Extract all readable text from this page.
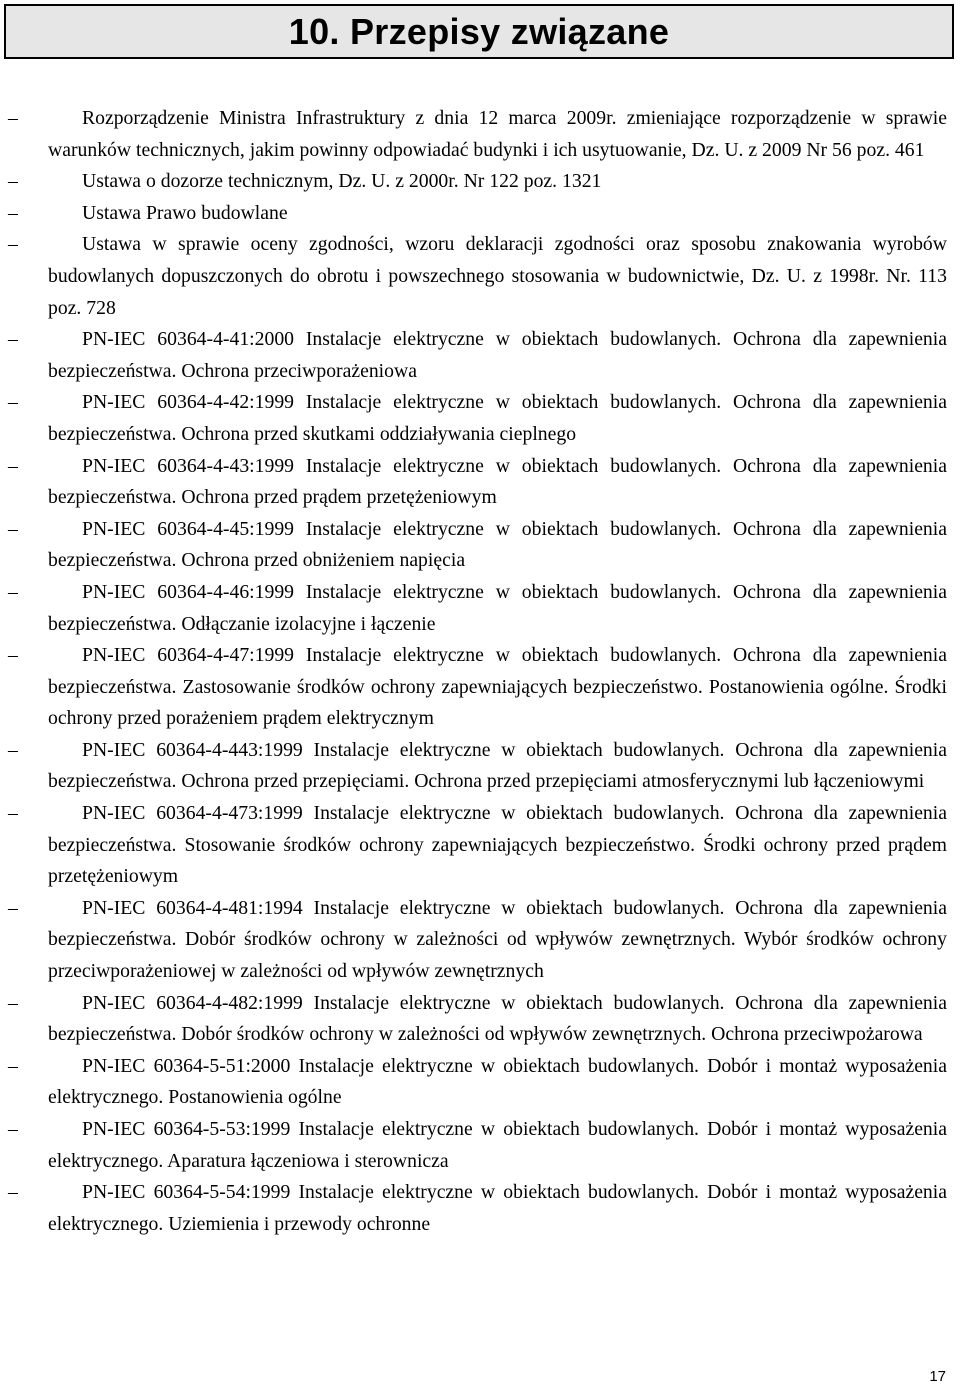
10. Przepisy związane
–	Rozporządzenie Ministra Infrastruktury z dnia 12 marca 2009r. zmieniające rozporządzenie w sprawie warunków technicznych, jakim powinny odpowiadać budynki i ich usytuowanie, Dz. U. z 2009 Nr 56 poz. 461
–	Ustawa o dozorze technicznym, Dz. U. z 2000r. Nr 122 poz. 1321
–	Ustawa Prawo budowlane
–	Ustawa w sprawie oceny zgodności, wzoru deklaracji zgodności oraz sposobu znakowania wyrobów budowlanych dopuszczonych do obrotu i powszechnego stosowania w budownictwie, Dz. U. z 1998r. Nr. 113 poz. 728
–	PN-IEC 60364-4-41:2000 Instalacje elektryczne w obiektach budowlanych. Ochrona dla zapewnienia bezpieczeństwa. Ochrona przeciwporażeniowa
–	PN-IEC 60364-4-42:1999 Instalacje elektryczne w obiektach budowlanych. Ochrona dla zapewnienia bezpieczeństwa. Ochrona przed skutkami oddziaływania cieplnego
–	PN-IEC 60364-4-43:1999 Instalacje elektryczne w obiektach budowlanych. Ochrona dla zapewnienia bezpieczeństwa. Ochrona przed prądem przetężeniowym
–	PN-IEC 60364-4-45:1999 Instalacje elektryczne w obiektach budowlanych. Ochrona dla zapewnienia bezpieczeństwa. Ochrona przed obniżeniem napięcia
–	PN-IEC 60364-4-46:1999 Instalacje elektryczne w obiektach budowlanych. Ochrona dla zapewnienia bezpieczeństwa. Odłączanie izolacyjne i łączenie
–	PN-IEC 60364-4-47:1999 Instalacje elektryczne w obiektach budowlanych. Ochrona dla zapewnienia bezpieczeństwa. Zastosowanie środków ochrony zapewniających bezpieczeństwo. Postanowienia ogólne. Środki ochrony przed porażeniem prądem elektrycznym
–	PN-IEC 60364-4-443:1999 Instalacje elektryczne w obiektach budowlanych. Ochrona dla zapewnienia bezpieczeństwa. Ochrona przed przepięciami. Ochrona przed przepięciami atmosferycznymi lub łączeniowymi
–	PN-IEC 60364-4-473:1999 Instalacje elektryczne w obiektach budowlanych. Ochrona dla zapewnienia bezpieczeństwa. Stosowanie środków ochrony zapewniających bezpieczeństwo. Środki ochrony przed prądem przetężeniowym
–	PN-IEC 60364-4-481:1994 Instalacje elektryczne w obiektach budowlanych. Ochrona dla zapewnienia bezpieczeństwa. Dobór środków ochrony w zależności od wpływów zewnętrznych. Wybór środków ochrony przeciwporażeniowej w zależności od wpływów zewnętrznych
–	PN-IEC 60364-4-482:1999 Instalacje elektryczne w obiektach budowlanych. Ochrona dla zapewnienia bezpieczeństwa. Dobór środków ochrony w zależności od wpływów zewnętrznych. Ochrona przeciwpożarowa
–	PN-IEC 60364-5-51:2000 Instalacje elektryczne w obiektach budowlanych. Dobór i montaż wyposażenia elektrycznego. Postanowienia ogólne
–	PN-IEC 60364-5-53:1999 Instalacje elektryczne w obiektach budowlanych. Dobór i montaż wyposażenia elektrycznego. Aparatura łączeniowa i sterownicza
–	PN-IEC 60364-5-54:1999 Instalacje elektryczne w obiektach budowlanych. Dobór i montaż wyposażenia elektrycznego. Uziemienia i przewody ochronne
17
